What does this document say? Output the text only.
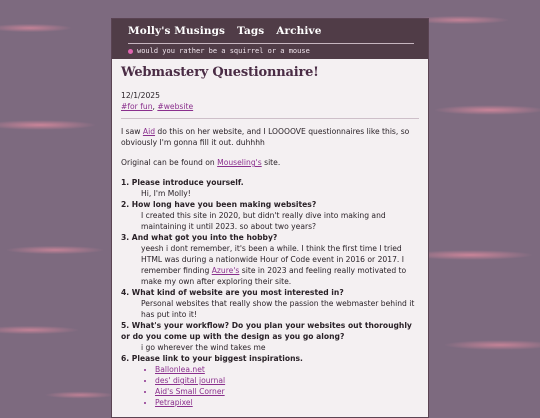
Molly's Musings Tags Archive
would you rather be a squirrel or a mouse
Webmastery Questionnaire!
12/1/2025
#for fun, #website

I saw Aid do this on her website, and I LOOOOVE questionnaires like this, so obviously I'm gonna fill it out. duhhhh

Original can be found on Mouseling's site.

1. Please introduce yourself.
Hi, I'm Molly!
2. How long have you been making websites?
I created this site in 2020, but didn't really dive into making and maintaining it until 2023. so about two years?
3. And what got you into the hobby?
yeesh i dont remember, it's been a while. I think the first time I tried HTML was during a nationwide Hour of Code event in 2016 or 2017. I remember finding Azure's site in 2023 and feeling really motivated to make my own after exploring their site.
4. What kind of website are you most interested in?
Personal websites that really show the passion the webmaster behind it has put into it!
5. What's your workflow? Do you plan your websites out thoroughly or do you come up with the design as you go along?
i go wherever the wind takes me
6. Please link to your biggest inspirations.
• Ballonlea.net
• des' digital journal
• Aid's Small Corner
• Petrapixel
